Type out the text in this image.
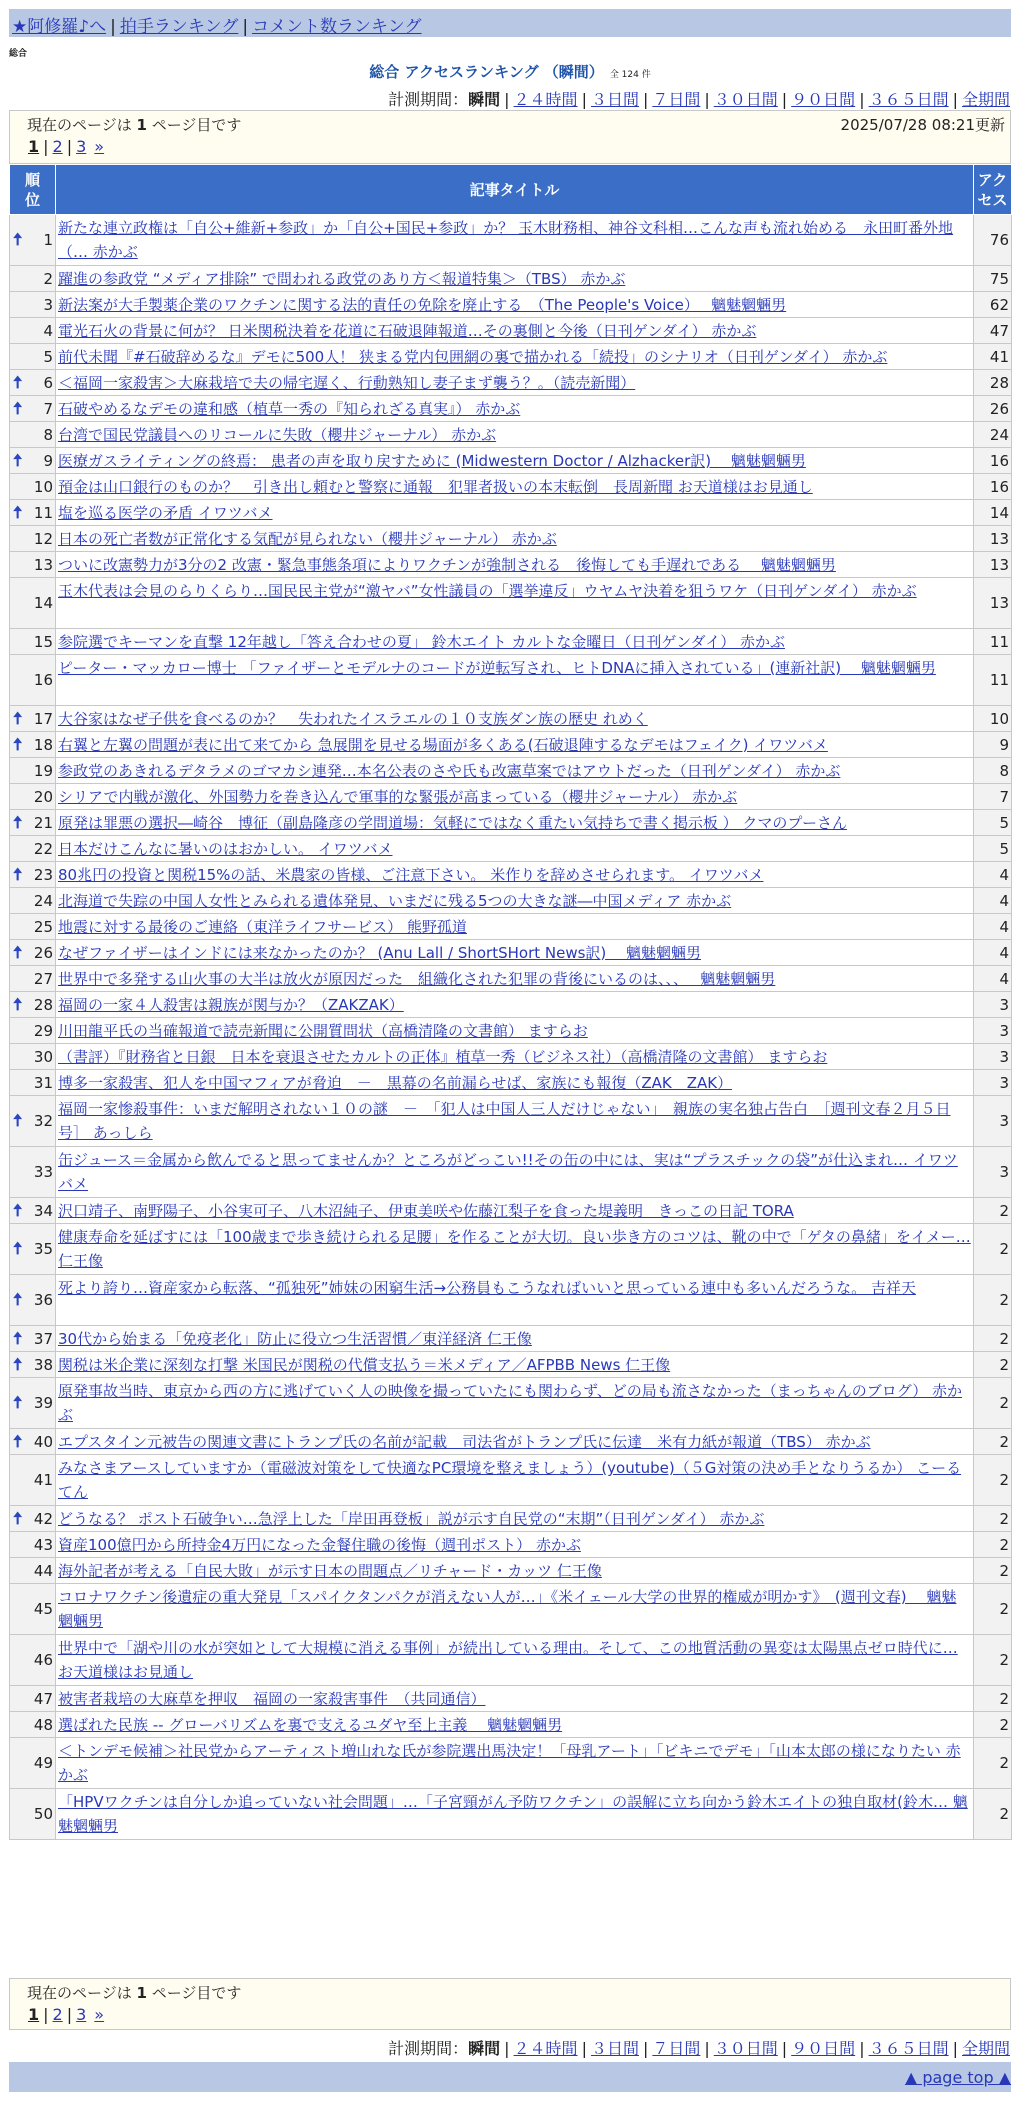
★阿修羅♪へ | 拍手ランキング | コメント数ランキング
総合
総合 アクセスランキング （瞬間） 全 124 件
計測期間：瞬間 | ２４時間 | ３日間 | ７日間 | ３０日間 | ９０日間 | ３６５日間 | 全期間
現在のページは 1 ページ目です	2025/07/28 08:21更新
1 | 2 | 3 »
順
位	記事タイトル	アク
セス

🠅 1	新たな連立政権は「自公+維新+参政」か「自公+国民+参政」か？ 玉木財務相、神谷文科相…こんな声も流れ始める　永田町番外地（… 赤かぶ	76
2	躍進の参政党 “メディア排除” で問われる政党のあり方＜報道特集＞（TBS） 赤かぶ	75
3	新法案が大手製薬企業のワクチンに関する法的責任の免除を廃止する　（The People's Voice）　 魑魅魍魎男	62
4	電光石火の背景に何が？ 日米関税決着を花道に石破退陣報道…その裏側と今後（日刊ゲンダイ） 赤かぶ	47
5	前代未聞『#石破辞めるな』デモに500人！ 狭まる党内包囲網の裏で描かれる「続投」のシナリオ（日刊ゲンダイ） 赤かぶ	41

🠅 6	＜福岡一家殺害＞大麻栽培で夫の帰宅遅く、行動熟知し妻子まず襲う？。（読売新聞）	28

🠅 7	石破やめるなデモの違和感（植草一秀の『知られざる真実』） 赤かぶ	26
8	台湾で国民党議員へのリコールに失敗（櫻井ジャーナル） 赤かぶ	24

🠅 9	医療ガスライティングの終焉： 患者の声を取り戻すために (Midwestern Doctor / Alzhacker訳)　 魑魅魍魎男	16
10	預金は山口銀行のものか？　引き出し頼むと警察に通報　犯罪者扱いの本末転倒　長周新聞 お天道様はお見通し	16

🠅 11	塩を巡る医学の矛盾 イワツバメ	14
12	日本の死亡者数が正常化する気配が見られない（櫻井ジャーナル） 赤かぶ	13
13	ついに改憲勢力が3分の2 改憲・緊急事態条項によりワクチンが強制される　後悔しても手遅れである　 魑魅魍魎男	13
14	玉木代表は会見のらりくらり…国民民主党が“激ヤバ”女性議員の「選挙違反」ウヤムヤ決着を狙うワケ（日刊ゲンダイ） 赤かぶ	13
15	参院選でキーマンを直撃 12年越し「答え合わせの夏」 鈴木エイト カルトな金曜日（日刊ゲンダイ） 赤かぶ	11
16	ピーター・マッカロー博士 「ファイザーとモデルナのコードが逆転写され、ヒトDNAに挿入されている」(連新社訳)　 魑魅魍魎男	11

🠅 17	大谷家はなぜ子供を食べるのか？　失われたイスラエルの１０支族ダン族の歴史 れめく	10

🠅 18	右翼と左翼の問題が表に出て来てから 急展開を見せる場面が多くある(石破退陣するなデモはフェイク) イワツバメ	9
19	参政党のあきれるデタラメのゴマカシ連発…本名公表のさや氏も改憲草案ではアウトだった（日刊ゲンダイ） 赤かぶ	8
20	シリアで内戦が激化、外国勢力を巻き込んで軍事的な緊張が高まっている（櫻井ジャーナル） 赤かぶ	7

🠅 21	原発は罪悪の選択―崎谷　博征（副島隆彦の学問道場：気軽にではなく重たい気持ちで書く掲示板 ） クマのプーさん	5
22	日本だけこんなに暑いのはおかしい。 イワツバメ	5

🠅 23	80兆円の投資と関税15%の話、米農家の皆様、ご注意下さい。 米作りを辞めさせられます。 イワツバメ	4
24	北海道で失踪の中国人女性とみられる遺体発見、いまだに残る5つの大きな謎―中国メディア 赤かぶ	4
25	地震に対する最後のご連絡（東洋ライフサービス） 熊野孤道	4

🠅 26	なぜファイザーはインドには来なかったのか？ (Anu Lall / ShortSHort News訳)　 魑魅魍魎男	4
27	世界中で多発する山火事の大半は放火が原因だった　組織化された犯罪の背後にいるのは、、、　 魑魅魍魎男	4

🠅 28	福岡の一家４人殺害は親族が関与か？（ZAKZAK）	3
29	川田龍平氏の当確報道で読売新聞に公開質問状（高橋清隆の文書館） ますらお	3
30	（書評）『財務省と日銀　日本を衰退させたカルトの正体』植草一秀（ビジネス社）（高橋清隆の文書館） ますらお	3
31	博多一家殺害、犯人を中国マフィアが脅迫　－　黒幕の名前漏らせば、家族にも報復（ZAK　ZAK）	3

🠅 32	福岡一家惨殺事件：いまだ解明されない１０の謎　－　「犯人は中国人三人だけじゃない」　親族の実名独占告白　［週刊文春２月５日号］ あっしら	3
33	缶ジュース＝金属から飲んでると思ってませんか？ところがどっこい!!その缶の中には、実は“プラスチックの袋”が仕込まれ… イワツバメ	3

🠅 34	沢口靖子、南野陽子、小谷実可子、八木沼純子、伊東美咲や佐藤江梨子を食った堤義明　きっこの日記 TORA	2

🠅 35	健康寿命を延ばすには「100歳まで歩き続けられる足腰」を作ることが大切。良い歩き方のコツは、靴の中で「ゲタの鼻緒」をイメー… 仁王像	2

🠅 36	死より誇り…資産家から転落、“孤独死”姉妹の困窮生活→公務員もこうなればいいと思っている連中も多いんだろうな。 吉祥天	2

🠅 37	30代から始まる「免疫老化」防止に役立つ生活習慣／東洋経済 仁王像	2

🠅 38	関税は米企業に深刻な打撃 米国民が関税の代償支払う＝米メディア／AFPBB News 仁王像	2

🠅 39	原発事故当時、東京から西の方に逃げていく人の映像を撮っていたにも関わらず、どの局も流さなかった（まっちゃんのブログ） 赤かぶ	2

🠅 40	エプスタイン元被告の関連文書にトランプ氏の名前が記載　司法省がトランプ氏に伝達　米有力紙が報道（TBS） 赤かぶ	2
41	みなさまアースしていますか（電磁波対策をして快適なPC環境を整えましょう）(youtube)（５G対策の決め手となりうるか） こーるてん	2

🠅 42	どうなる？ ポスト石破争い…急浮上した「岸田再登板」説が示す自民党の“末期”（日刊ゲンダイ） 赤かぶ	2
43	資産100億円から所持金4万円になった金餐住職の後悔（週刊ポスト） 赤かぶ	2
44	海外記者が考える「自民大敗」が示す日本の問題点／リチャード・カッツ 仁王像	2
45	コロナワクチン後遺症の重大発見「スパイクタンパクが消えない人が…」《米イェール大学の世界的権威が明かす》　(週刊文春)　 魑魅魍魎男	2
46	世界中で「湖や川の水が突如として大規模に消える事例」が続出している理由。そして、この地質活動の異変は太陽黒点ゼロ時代に… お天道様はお見通し	2
47	被害者栽培の大麻草を押収　福岡の一家殺害事件　（共同通信）	2
48	選ばれた民族 -- グローバリズムを裏で支えるユダヤ至上主義　 魑魅魍魎男	2
49	＜トンデモ候補＞社民党からアーティスト増山れな氏が参院選出馬決定！「母乳アート」「ビキニでデモ」「山本太郎の様になりたい 赤かぶ	2
50	「HPVワクチンは自分しか追っていない社会問題」…「子宮頸がん予防ワクチン」の誤解に立ち向かう鈴木エイトの独自取材(鈴木… 魑魅魍魎男	2
現在のページは 1 ページ目です
1 | 2 | 3 »
計測期間：瞬間 | ２４時間 | ３日間 | ７日間 | ３０日間 | ９０日間 | ３６５日間 | 全期間
▲ page top ▲
